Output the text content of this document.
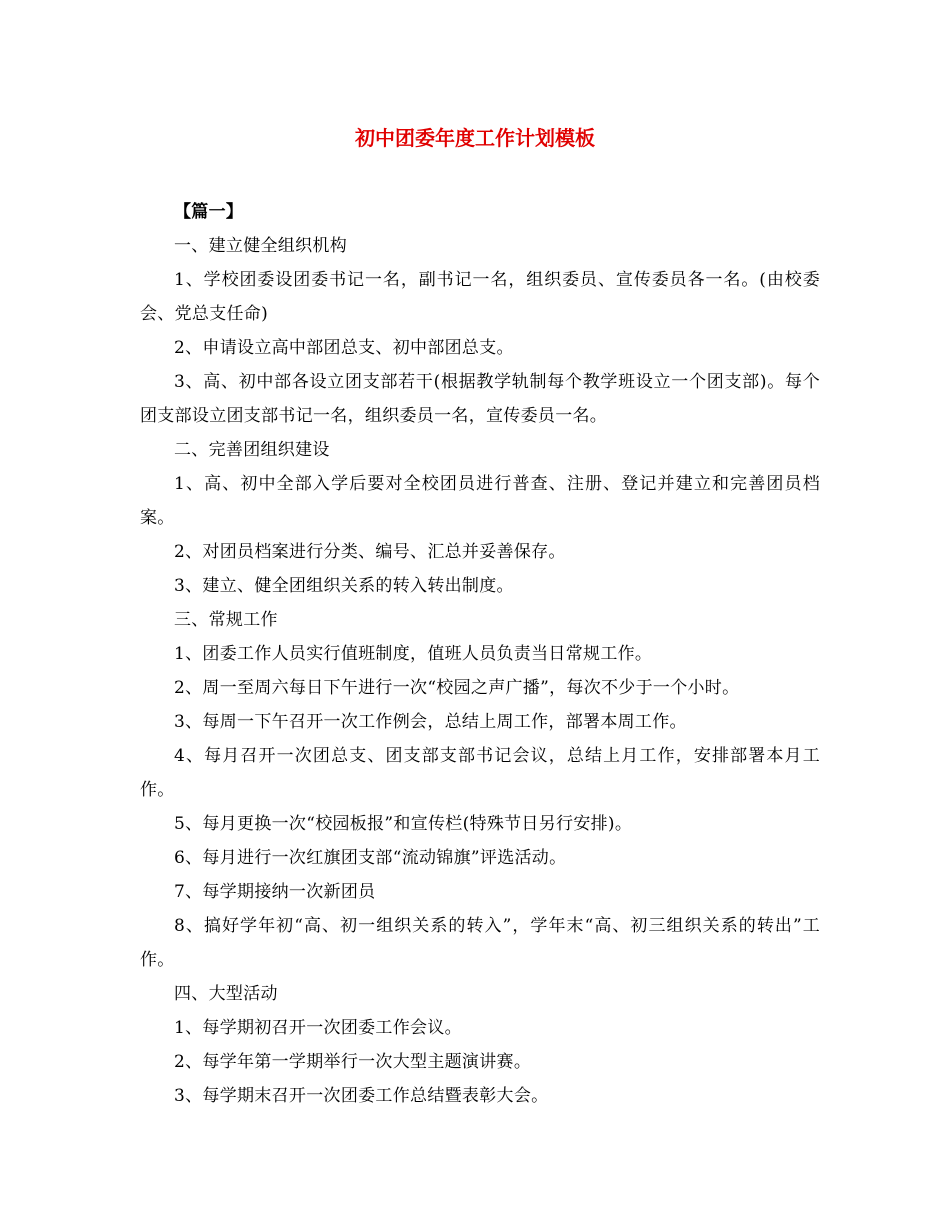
初中团委年度工作计划模板

【篇一】

一、建立健全组织机构

1、学校团委设团委书记一名，副书记一名，组织委员、宣传委员各一名。(由校委会、党总支任命)

2、申请设立高中部团总支、初中部团总支。

3、高、初中部各设立团支部若干(根据教学轨制每个教学班设立一个团支部)。每个团支部设立团支部书记一名，组织委员一名，宣传委员一名。

二、完善团组织建设

1、高、初中全部入学后要对全校团员进行普查、注册、登记并建立和完善团员档案。

2、对团员档案进行分类、编号、汇总并妥善保存。

3、建立、健全团组织关系的转入转出制度。

三、常规工作

1、团委工作人员实行值班制度，值班人员负责当日常规工作。

2、周一至周六每日下午进行一次“校园之声广播”，每次不少于一个小时。

3、每周一下午召开一次工作例会，总结上周工作，部署本周工作。

4、每月召开一次团总支、团支部支部书记会议，总结上月工作，安排部署本月工作。

5、每月更换一次“校园板报”和宣传栏(特殊节日另行安排)。

6、每月进行一次红旗团支部“流动锦旗”评选活动。

7、每学期接纳一次新团员

8、搞好学年初“高、初一组织关系的转入”，学年末“高、初三组织关系的转出”工作。

四、大型活动

1、每学期初召开一次团委工作会议。

2、每学年第一学期举行一次大型主题演讲赛。

3、每学期末召开一次团委工作总结暨表彰大会。
